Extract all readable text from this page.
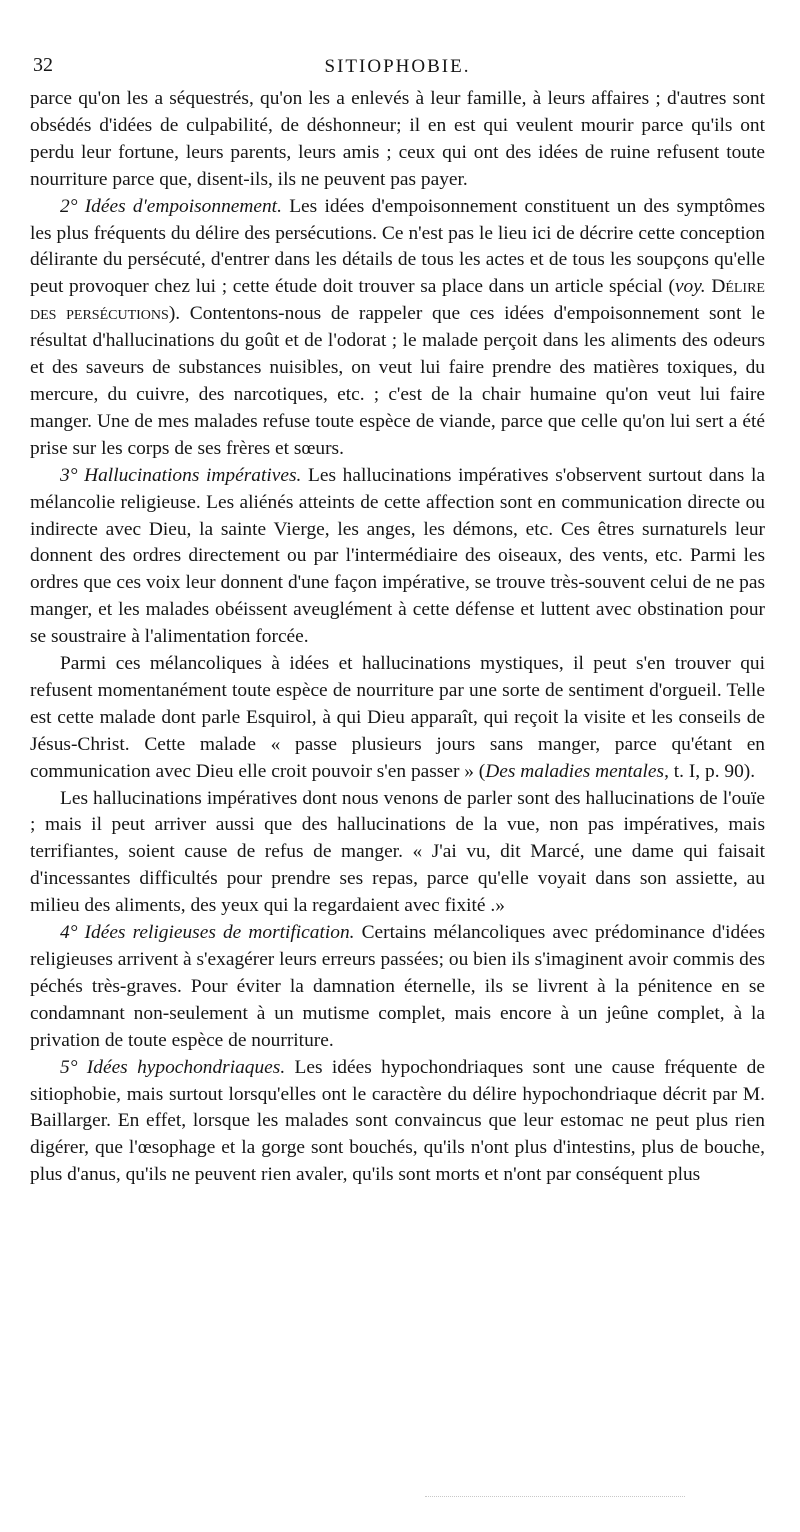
32	SITIOPHOBIE.

parce qu'on les a séquestrés, qu'on les a enlevés à leur famille, à leurs affaires ; d'autres sont obsédés d'idées de culpabilité, de déshonneur; il en est qui veulent mourir parce qu'ils ont perdu leur fortune, leurs parents, leurs amis ; ceux qui ont des idées de ruine refusent toute nourriture parce que, disent-ils, ils ne peuvent pas payer.

2° Idées d'empoisonnement. Les idées d'empoisonnement constituent un des symptômes les plus fréquents du délire des persécutions. Ce n'est pas le lieu ici de décrire cette conception délirante du persécuté, d'entrer dans les détails de tous les actes et de tous les soupçons qu'elle peut provoquer chez lui ; cette étude doit trouver sa place dans un article spécial (voy. Délire des persécutions). Contentons-nous de rappeler que ces idées d'empoisonnement sont le résultat d'hallucinations du goût et de l'odorat ; le malade perçoit dans les aliments des odeurs et des saveurs de substances nuisibles, on veut lui faire prendre des matières toxiques, du mercure, du cuivre, des narcotiques, etc. ; c'est de la chair humaine qu'on veut lui faire manger. Une de mes malades refuse toute espèce de viande, parce que celle qu'on lui sert a été prise sur les corps de ses frères et sœurs.

3° Hallucinations impératives. Les hallucinations impératives s'observent surtout dans la mélancolie religieuse. Les aliénés atteints de cette affection sont en communication directe ou indirecte avec Dieu, la sainte Vierge, les anges, les démons, etc. Ces êtres surnaturels leur donnent des ordres directement ou par l'intermédiaire des oiseaux, des vents, etc. Parmi les ordres que ces voix leur donnent d'une façon impérative, se trouve très-souvent celui de ne pas manger, et les malades obéissent aveuglément à cette défense et luttent avec obstination pour se soustraire à l'alimentation forcée.

Parmi ces mélancoliques à idées et hallucinations mystiques, il peut s'en trouver qui refusent momentanément toute espèce de nourriture par une sorte de sentiment d'orgueil. Telle est cette malade dont parle Esquirol, à qui Dieu apparaît, qui reçoit la visite et les conseils de Jésus-Christ. Cette malade « passe plusieurs jours sans manger, parce qu'étant en communication avec Dieu elle croit pouvoir s'en passer » (Des maladies mentales, t. I, p. 90).

Les hallucinations impératives dont nous venons de parler sont des hallucinations de l'ouïe ; mais il peut arriver aussi que des hallucinations de la vue, non pas impératives, mais terrifiantes, soient cause de refus de manger. « J'ai vu, dit Marcé, une dame qui faisait d'incessantes difficultés pour prendre ses repas, parce qu'elle voyait dans son assiette, au milieu des aliments, des yeux qui la regardaient avec fixité .»

4° Idées religieuses de mortification. Certains mélancoliques avec prédominance d'idées religieuses arrivent à s'exagérer leurs erreurs passées; ou bien ils s'imaginent avoir commis des péchés très-graves. Pour éviter la damnation éternelle, ils se livrent à la pénitence en se condamnant non-seulement à un mutisme complet, mais encore à un jeûne complet, à la privation de toute espèce de nourriture.

5° Idées hypochondriaques. Les idées hypochondriaques sont une cause fréquente de sitiophobie, mais surtout lorsqu'elles ont le caractère du délire hypochondriaque décrit par M. Baillarger. En effet, lorsque les malades sont convaincus que leur estomac ne peut plus rien digérer, que l'œsophage et la gorge sont bouchés, qu'ils n'ont plus d'intestins, plus de bouche, plus d'anus, qu'ils ne peuvent rien avaler, qu'ils sont morts et n'ont par conséquent plus
